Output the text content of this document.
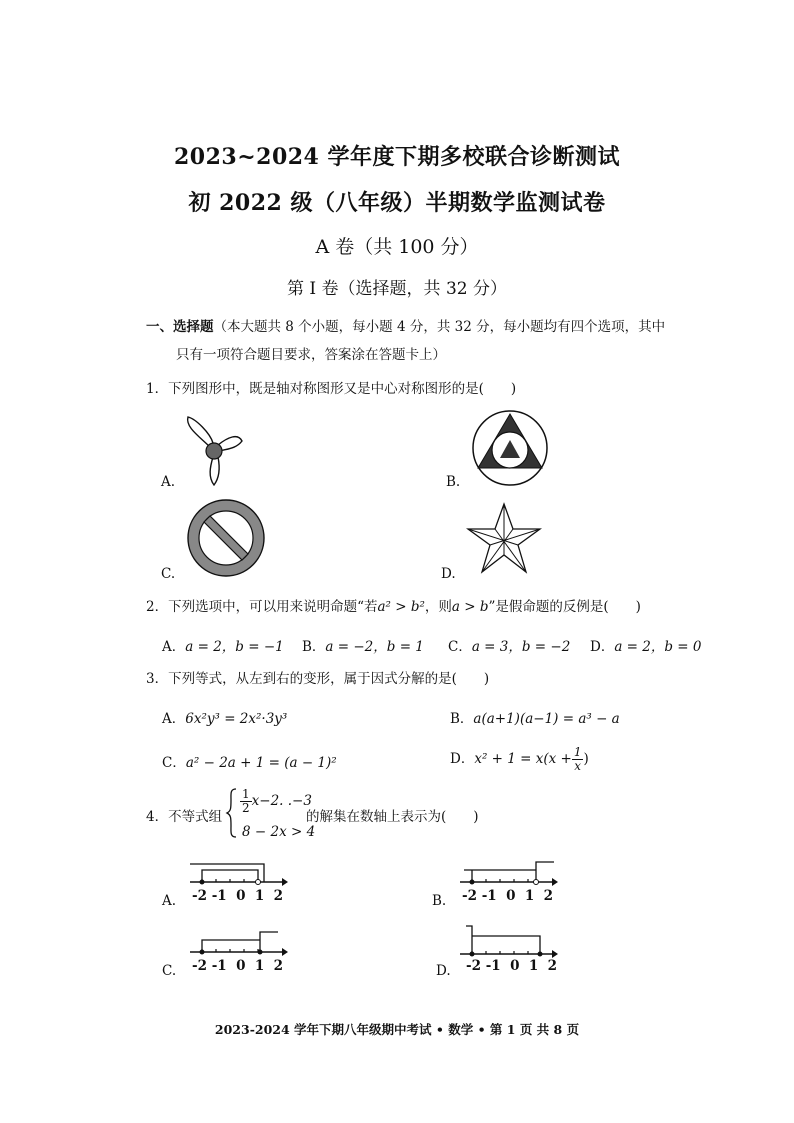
2023~2024 学年度下期多校联合诊断测试
初 2022 级（八年级）半期数学监测试卷
A 卷（共 100 分）
第 I 卷（选择题，共 32 分）
一、选择题（本大题共 8 个小题，每小题 4 分，共 32 分，每小题均有四个选项，其中
只有一项符合题目要求，答案涂在答题卡上）
1．下列图形中，既是轴对称图形又是中心对称图形的是(　　)
A.	B.
C.	D.
2．下列选项中，可以用来说明命题“若a² > b²，则a > b”是假命题的反例是(　　)
A．a = 2，b = −1 B．a = −2，b = 1 C．a = 3，b = −2 D．a = 2，b = 0
3．下列等式，从左到右的变形，属于因式分解的是(　　)
A．6x²y³ = 2x²·3y³	B．a(a+1)(a−1) = a³ − a
C．a² − 2a + 1 = (a − 1)²	D．$x^2 + 1 = x(x + \frac{1}{x}$ )
4．不等式组
$\frac{1}{2} x-2$. .−3
8 − 2x > 4
的解集在数轴上表示为(　　)
A. -2 -1  0  1  2	B. -2 -1  0  1  2
C. -2 -1  0  1  2	D. -2 -1  0  1  2
2023-2024 学年下期八年级期中考试 • 数学 • 第 1 页 共 8 页
